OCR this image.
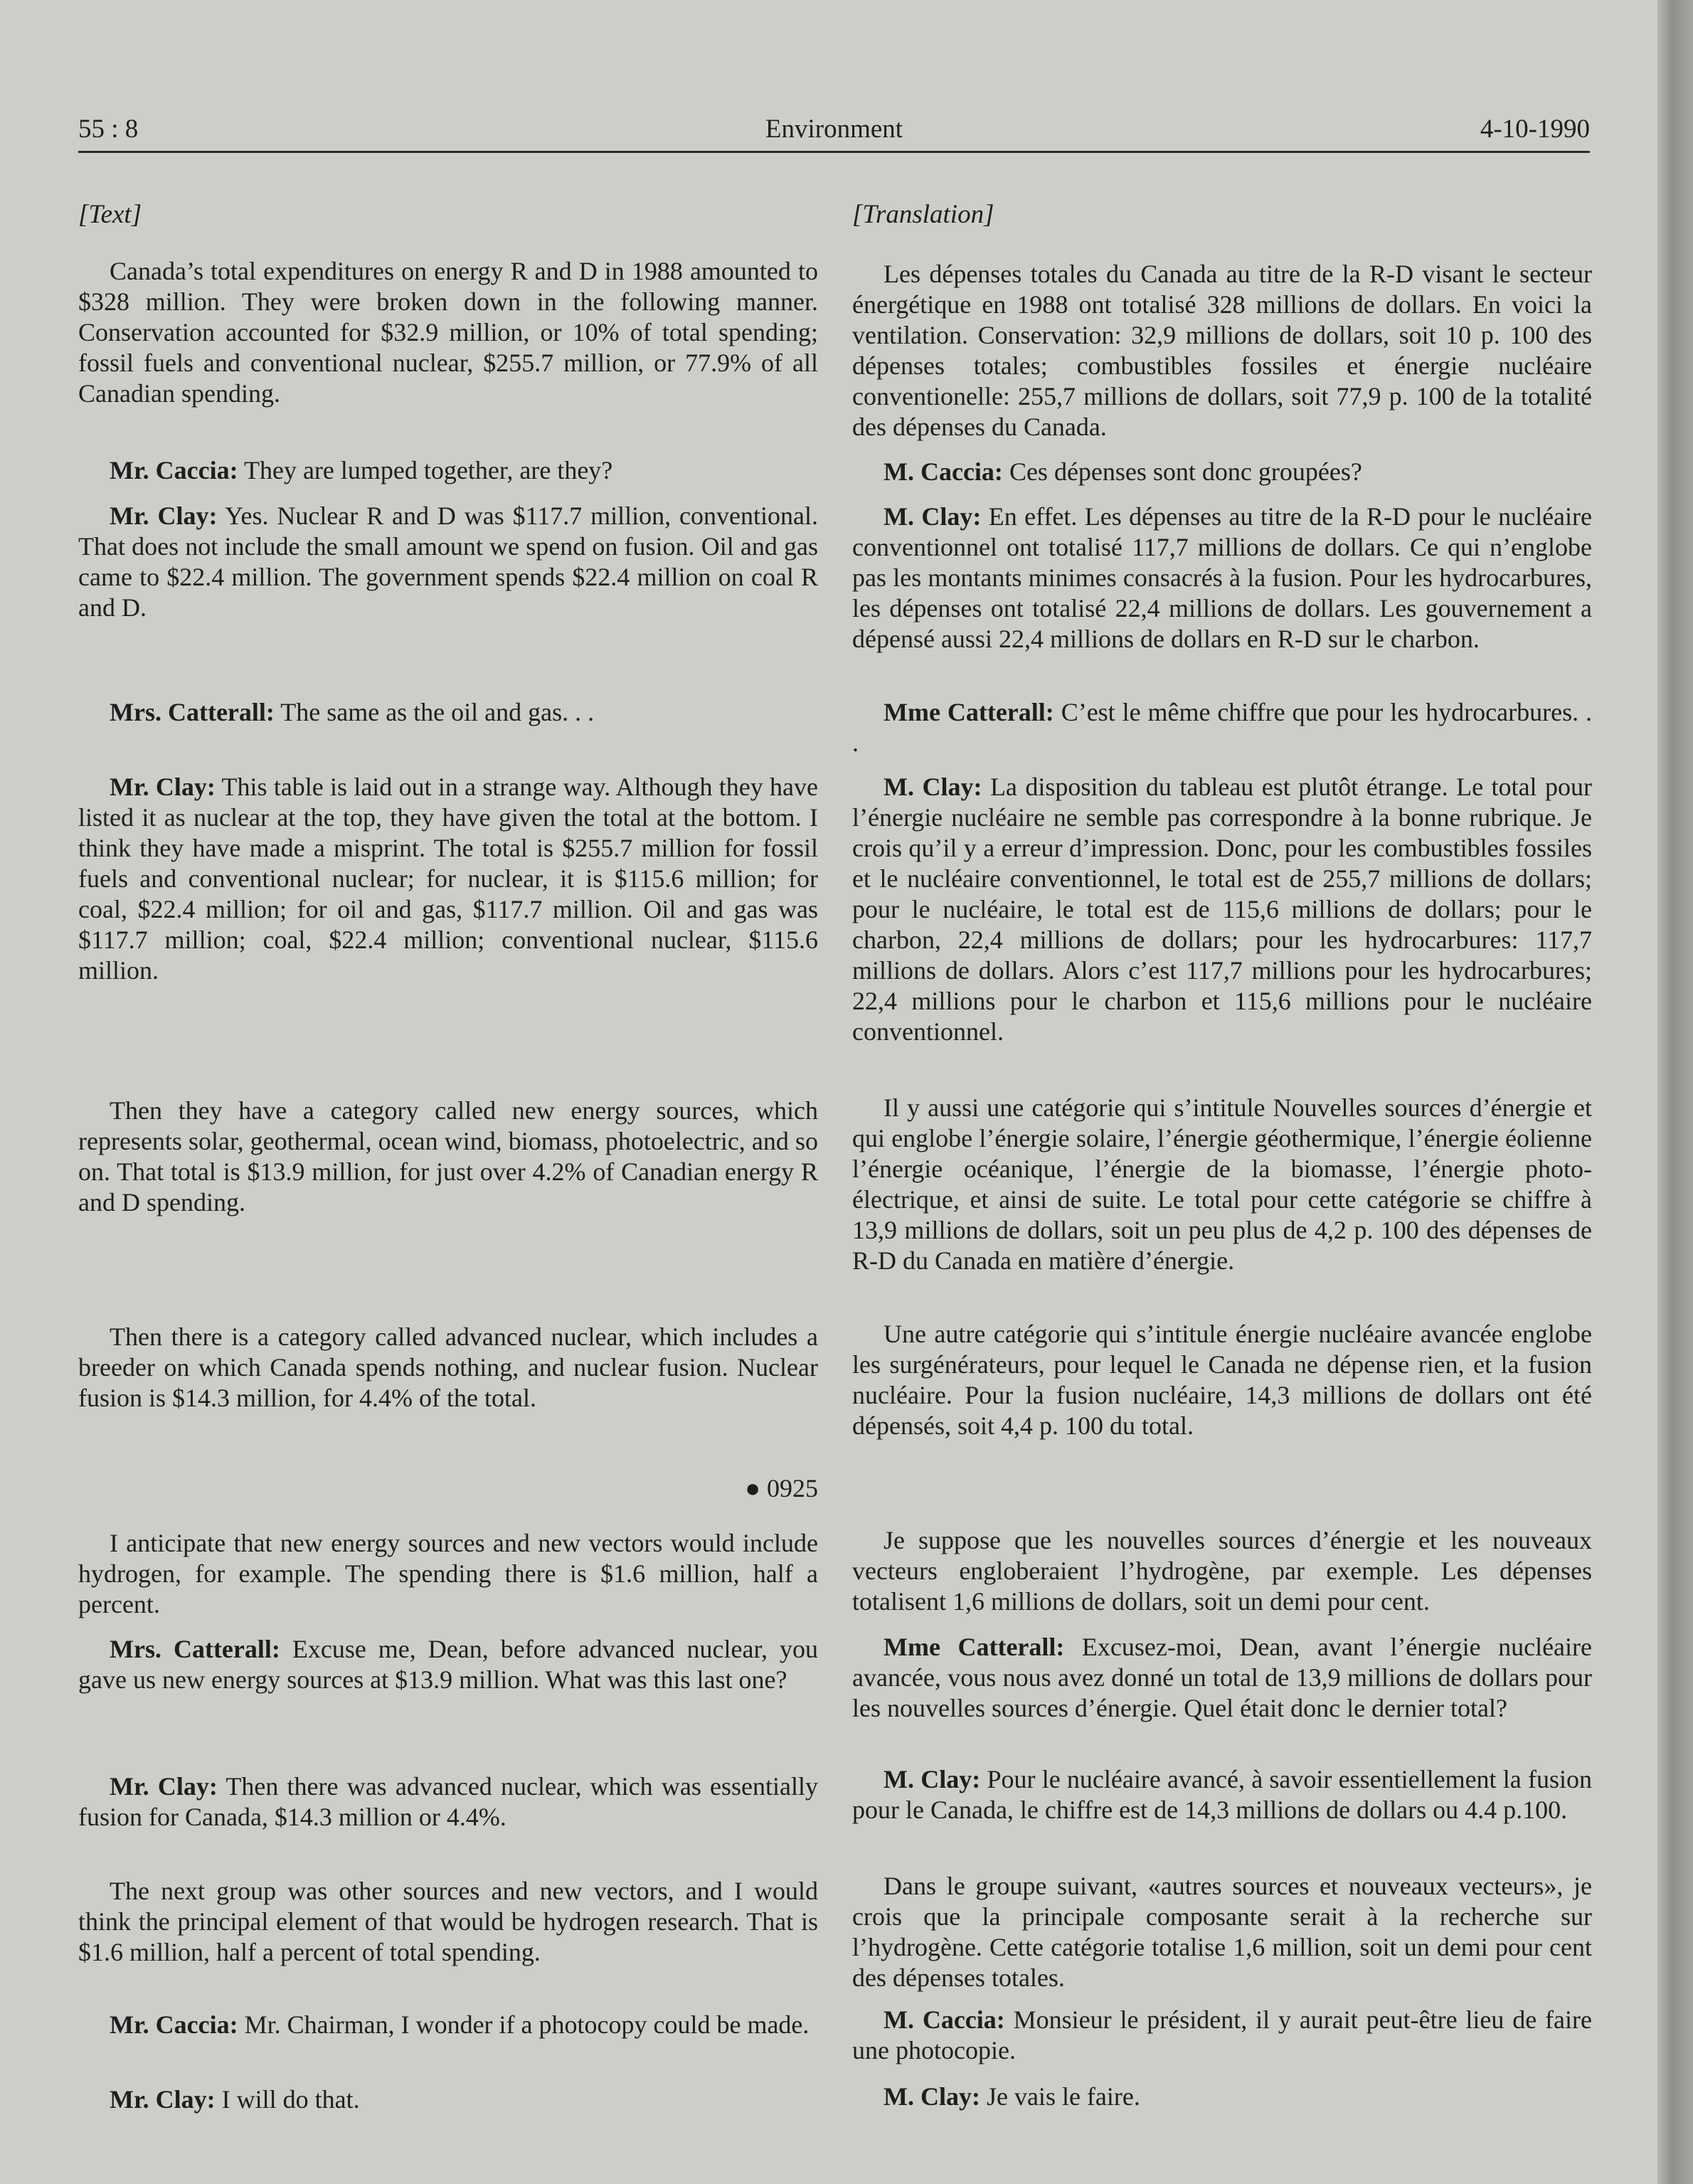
55 : 8	Environment	4-10-1990
[Text]

Canada’s total expenditures on energy R and D in 1988 amounted to $328 million. They were broken down in the following manner. Conservation accounted for $32.9 million, or 10% of total spending; fossil fuels and conventional nuclear, $255.7 million, or 77.9% of all Canadian spending.

Mr. Caccia: They are lumped together, are they?

Mr. Clay: Yes. Nuclear R and D was $117.7 million, conventional. That does not include the small amount we spend on fusion. Oil and gas came to $22.4 million. The government spends $22.4 million on coal R and D.

Mrs. Catterall: The same as the oil and gas. . .

Mr. Clay: This table is laid out in a strange way. Although they have listed it as nuclear at the top, they have given the total at the bottom. I think they have made a misprint. The total is $255.7 million for fossil fuels and conventional nuclear; for nuclear, it is $115.6 million; for coal, $22.4 million; for oil and gas, $117.7 million. Oil and gas was $117.7 million; coal, $22.4 million; conventional nuclear, $115.6 million.

Then they have a category called new energy sources, which represents solar, geothermal, ocean wind, biomass, photoelectric, and so on. That total is $13.9 million, for just over 4.2% of Canadian energy R and D spending.

Then there is a category called advanced nuclear, which includes a breeder on which Canada spends nothing, and nuclear fusion. Nuclear fusion is $14.3 million, for 4.4% of the total.

● 0925

I anticipate that new energy sources and new vectors would include hydrogen, for example. The spending there is $1.6 million, half a percent.

Mrs. Catterall: Excuse me, Dean, before advanced nuclear, you gave us new energy sources at $13.9 million. What was this last one?

Mr. Clay: Then there was advanced nuclear, which was essentially fusion for Canada, $14.3 million or 4.4%.

The next group was other sources and new vectors, and I would think the principal element of that would be hydrogen research. That is $1.6 million, half a percent of total spending.

Mr. Caccia: Mr. Chairman, I wonder if a photocopy could be made.

Mr. Clay: I will do that.

[Translation]

Les dépenses totales du Canada au titre de la R-D visant le secteur énergétique en 1988 ont totalisé 328 millions de dollars. En voici la ventilation. Conservation: 32,9 millions de dollars, soit 10 p. 100 des dépenses totales; combustibles fossiles et énergie nucléaire conventionelle: 255,7 millions de dollars, soit 77,9 p. 100 de la totalité des dépenses du Canada.

M. Caccia: Ces dépenses sont donc groupées?

M. Clay: En effet. Les dépenses au titre de la R-D pour le nucléaire conventionnel ont totalisé 117,7 millions de dollars. Ce qui n’englobe pas les montants minimes consacrés à la fusion. Pour les hydrocarbures, les dépenses ont totalisé 22,4 millions de dollars. Les gouvernement a dépensé aussi 22,4 millions de dollars en R-D sur le charbon.

Mme Catterall: C’est le même chiffre que pour les hydrocarbures. . .

M. Clay: La disposition du tableau est plutôt étrange. Le total pour l’énergie nucléaire ne semble pas correspondre à la bonne rubrique. Je crois qu’il y a erreur d’impression. Donc, pour les combustibles fossiles et le nucléaire conventionnel, le total est de 255,7 millions de dollars; pour le nucléaire, le total est de 115,6 millions de dollars; pour le charbon, 22,4 millions de dollars; pour les hydrocarbures: 117,7 millions de dollars. Alors c’est 117,7 millions pour les hydrocarbures; 22,4 millions pour le charbon et 115,6 millions pour le nucléaire conventionnel.

Il y aussi une catégorie qui s’intitule Nouvelles sources d’énergie et qui englobe l’énergie solaire, l’énergie géothermique, l’énergie éolienne l’énergie océanique, l’énergie de la biomasse, l’énergie photo-électrique, et ainsi de suite. Le total pour cette catégorie se chiffre à 13,9 millions de dollars, soit un peu plus de 4,2 p. 100 des dépenses de R-D du Canada en matière d’énergie.

Une autre catégorie qui s’intitule énergie nucléaire avancée englobe les surgénérateurs, pour lequel le Canada ne dépense rien, et la fusion nucléaire. Pour la fusion nucléaire, 14,3 millions de dollars ont été dépensés, soit 4,4 p. 100 du total.

Je suppose que les nouvelles sources d’énergie et les nouveaux vecteurs engloberaient l’hydrogène, par exemple. Les dépenses totalisent 1,6 millions de dollars, soit un demi pour cent.

Mme Catterall: Excusez-moi, Dean, avant l’énergie nucléaire avancée, vous nous avez donné un total de 13,9 millions de dollars pour les nouvelles sources d’énergie. Quel était donc le dernier total?

M. Clay: Pour le nucléaire avancé, à savoir essentiellement la fusion pour le Canada, le chiffre est de 14,3 millions de dollars ou 4.4 p.100.

Dans le groupe suivant, «autres sources et nouveaux vecteurs», je crois que la principale composante serait à la recherche sur l’hydrogène. Cette catégorie totalise 1,6 million, soit un demi pour cent des dépenses totales.

M. Caccia: Monsieur le président, il y aurait peut-être lieu de faire une photocopie.

M. Clay: Je vais le faire.
